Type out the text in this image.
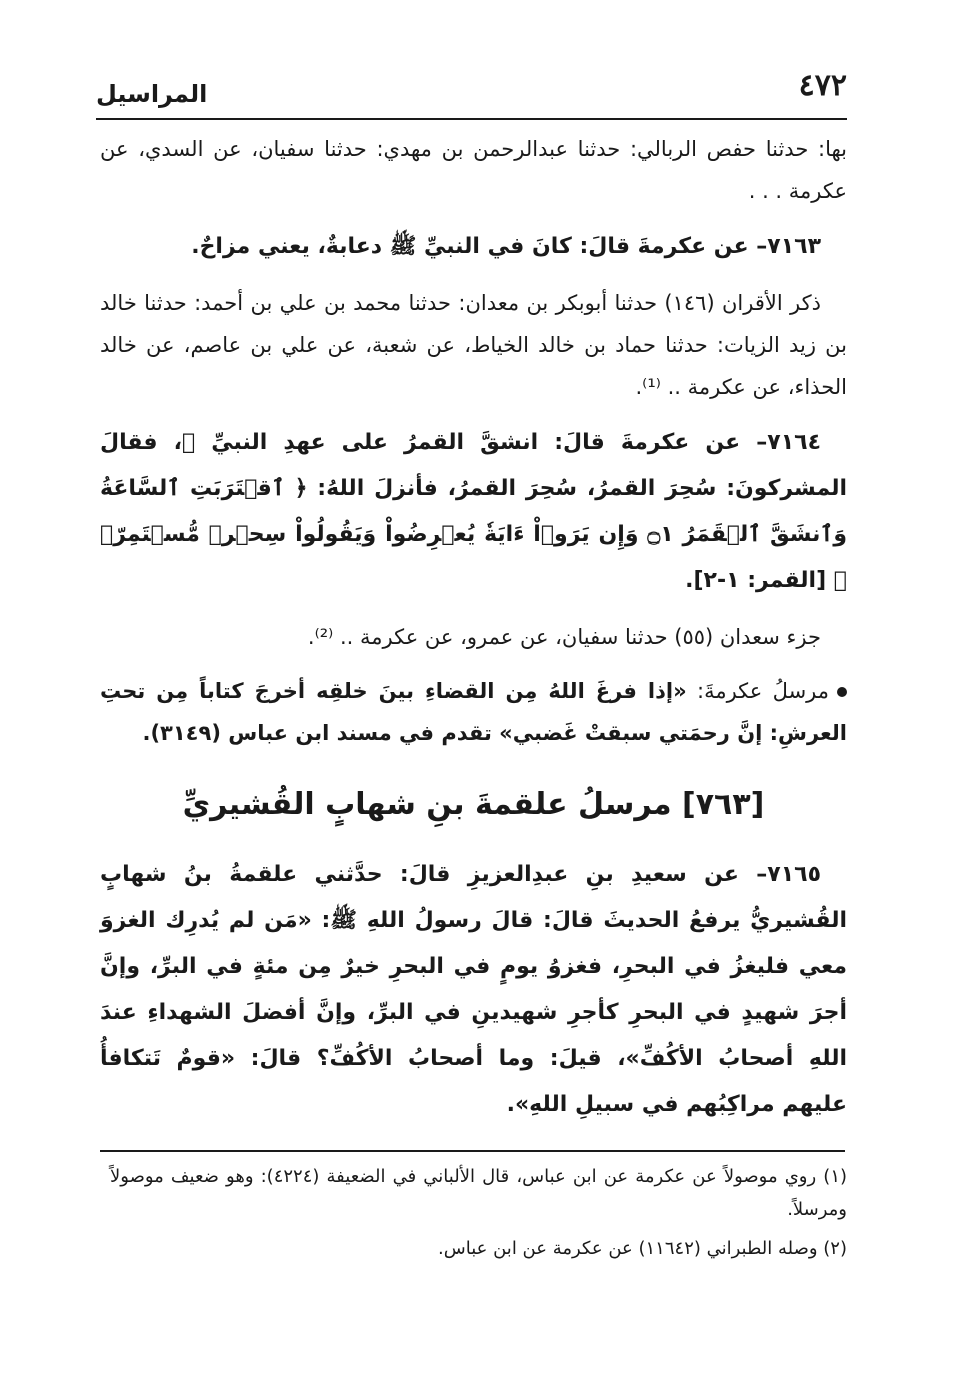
٤٧٢
المراسيل

بها: حدثنا حفص الربالي: حدثنا عبدالرحمن بن مهدي: حدثنا سفيان، عن السدي، عن عكرمة . . .

٧١٦٣– عن عكرمةَ قالَ: كانَ في النبيِّ ﷺ دعابةٌ، يعني مزاحٌ.

ذكر الأقران (١٤٦) حدثنا أبوبكر بن معدان: حدثنا محمد بن علي بن أحمد: حدثنا خالد بن زيد الزيات: حدثنا حماد بن خالد الخياط، عن شعبة، عن علي بن عاصم، عن خالد الحذاء، عن عكرمة .. ⁽¹⁾.

٧١٦٤– عن عكرمةَ قالَ: انشقَّ القمرُ على عهدِ النبيِّ ﷺ، فقالَ المشركونَ: سُحِرَ القمرُ، سُحِرَ القمرُ، فأنزلَ اللهُ: ﴿ ٱقۡتَرَبَتِ ٱلسَّاعَةُ وَٱنشَقَّ ٱلۡقَمَرُ ۝١ وَإِن يَرَوۡاْ ءَايَةٗ يُعۡرِضُواْ وَيَقُولُواْ سِحۡرٞ مُّسۡتَمِرّٞ ﴾ [القمر: ١-٢].

جزء سعدان (٥٥) حدثنا سفيان، عن عمرو، عن عكرمة .. ⁽²⁾.

مرسلُ عكرمةَ: «إذا فرغَ اللهُ مِن القضاءِ بينَ خلقِه أخرجَ كتاباً مِن تحتِ العرشِ: إنَّ رحمَتي سبقتْ غَضبي» تقدم في مسند ابن عباس (٣١٤٩).

[٧٦٣] مرسلُ علقمةَ بنِ شهابٍ القُشيريِّ

٧١٦٥– عن سعيدِ بنِ عبدِالعزيزِ قالَ: حدَّثني علقمةُ بنُ شهابٍ القُشيريُّ يرفعُ الحديثَ قالَ: قالَ رسولُ اللهِ ﷺ: «مَن لم يُدرِك الغزوَ معي فليغزُ في البحرِ، فغزوُ يومٍ في البحرِ خيرٌ مِن مئةٍ في البرِّ، وإنَّ أجرَ شهيدٍ في البحرِ كأجرِ شهيدينِ في البرِّ، وإنَّ أفضلَ الشهداءِ عندَ اللهِ أصحابُ الأكُفِّ»، قيلَ: وما أصحابُ الأكُفِّ؟ قالَ: «قومٌ تَتكافأُ عليهم مراكِبُهم في سبيلِ اللهِ».

(١) روي موصولاً عن عكرمة عن ابن عباس، قال الألباني في الضعيفة (٤٢٢٤): وهو ضعيف موصولاً ومرسلاً.

(٢) وصله الطبراني (١١٦٤٢) عن عكرمة عن ابن عباس.
